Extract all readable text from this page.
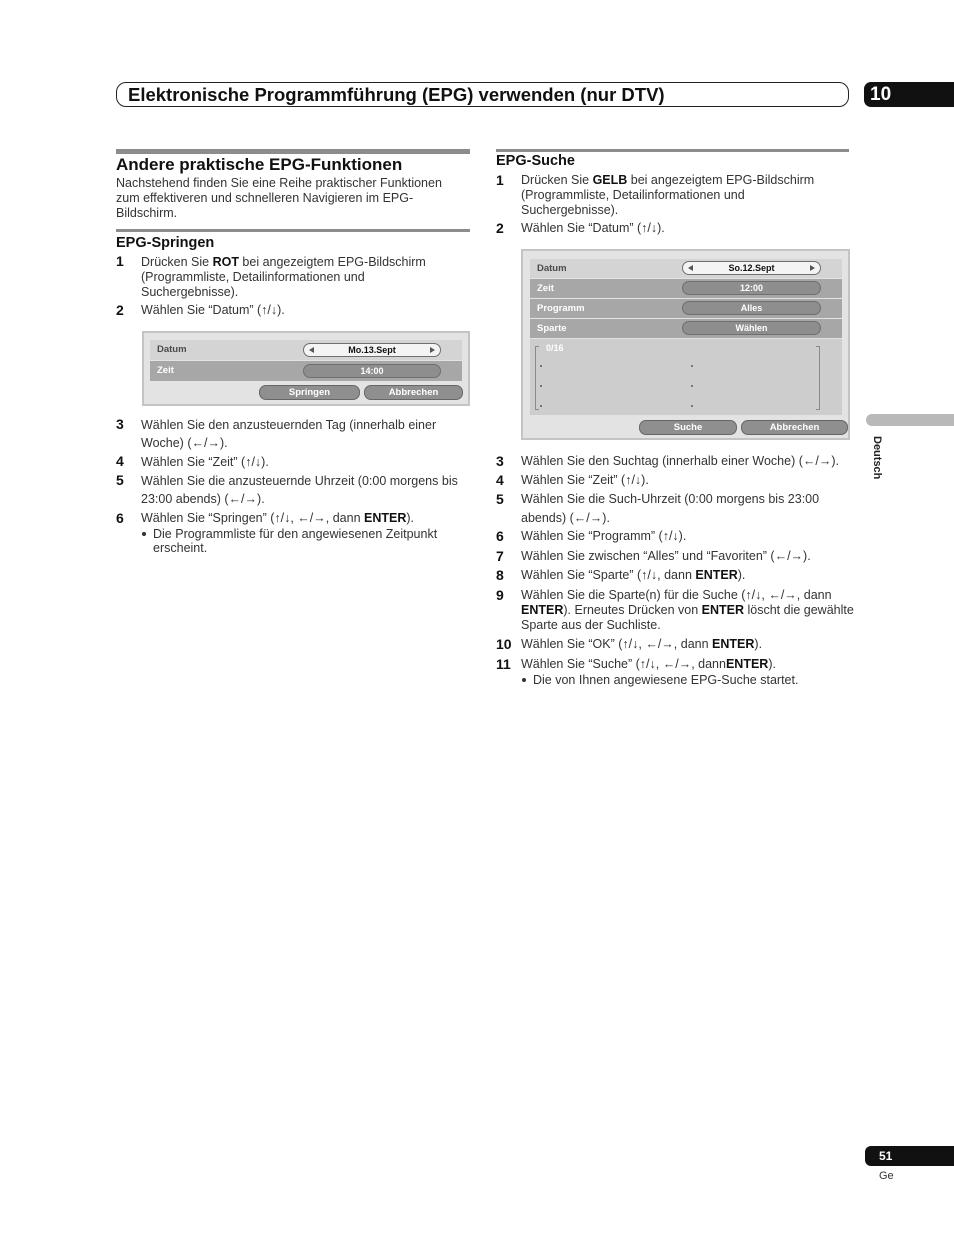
Elektronische Programmführung (EPG) verwenden (nur DTV)	10
Andere praktische EPG-Funktionen
Nachstehend finden Sie eine Reihe praktischer Funktionen
zum effektiveren und schnelleren Navigieren im EPG-
Bildschirm.
EPG-Springen
1 Drücken Sie ROT bei angezeigtem EPG-Bildschirm
(Programmliste, Detailinformationen und
Suchergebnisse).
2 Wählen Sie “Datum” (↑/↓).
Datum	Mo.13.Sept
Zeit	14:00
Springen	Abbrechen
3 Wählen Sie den anzusteuernden Tag (innerhalb einer
Woche) (←/→).
4 Wählen Sie “Zeit” (↑/↓).
5 Wählen Sie die anzusteuernde Uhrzeit (0:00 morgens bis
23:00 abends) (←/→).
6 Wählen Sie “Springen” (↑/↓, ←/→, dann ENTER).
Die Programmliste für den angewiesenen Zeitpunkt
erscheint.
EPG-Suche
1 Drücken Sie GELB bei angezeigtem EPG-Bildschirm
(Programmliste, Detailinformationen und
Suchergebnisse).
2 Wählen Sie “Datum” (↑/↓).
Datum	So.12.Sept
Zeit	12:00
Programm	Alles
Sparte	Wählen
0/16
Suche	Abbrechen
3 Wählen Sie den Suchtag (innerhalb einer Woche) (←/→).
4 Wählen Sie “Zeit” (↑/↓).
5 Wählen Sie die Such-Uhrzeit (0:00 morgens bis 23:00
abends) (←/→).
6 Wählen Sie “Programm” (↑/↓).
7 Wählen Sie zwischen “Alles” und “Favoriten” (←/→).
8 Wählen Sie “Sparte” (↑/↓, dann ENTER).
9 Wählen Sie die Sparte(n) für die Suche (↑/↓, ←/→, dann
ENTER). Erneutes Drücken von ENTER löscht die gewählte
Sparte aus der Suchliste.
10 Wählen Sie “OK” (↑/↓, ←/→, dann ENTER).
11 Wählen Sie “Suche” (↑/↓, ←/→, dannENTER).
Die von Ihnen angewiesene EPG-Suche startet.
Deutsch
51
Ge
